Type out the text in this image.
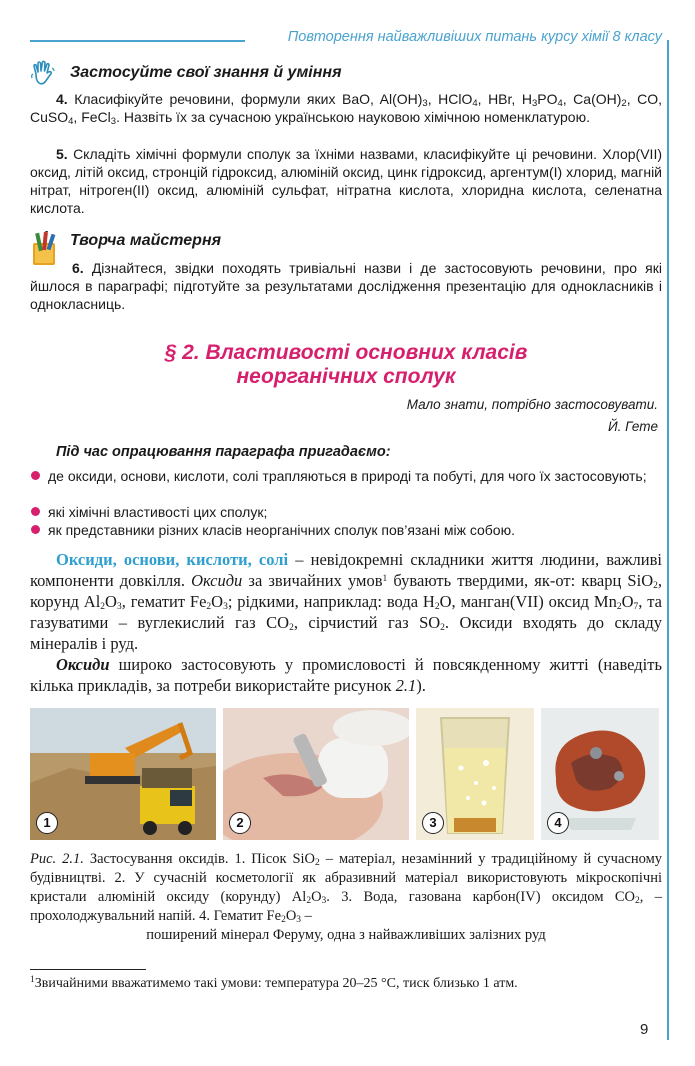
Повторення найважливіших питань курсу хімії 8 класу
Застосуйте свої знання й уміння
4. Класифікуйте речовини, формули яких BaO, $Al(OH)_3$, HClO$_4$, HBr, $H_3PO_4$, $Ca(OH)_2$, CO, CuSO$_4$, FeCl$_3$. Назвіть їх за сучасною українською науковою хімічною номенклатурою.
5. Складіть хімічні формули сполук за їхніми назвами, класифікуйте ці речовини. Хлор(VII) оксид, літій оксид, стронцій гідроксид, алюміній оксид, цинк гідроксид, аргентум(I) хлорид, магній нітрат, нітроген(II) оксид, алюміній сульфат, нітратна кислота, хлоридна кислота, селенатна кислота.
Творча майстерня
6. Дізнайтеся, звідки походять тривіальні назви і де застосовують речовини, про які йшлося в параграфі; підготуйте за результатами дослідження презентацію для однокласників і однокласниць.
§ 2. Властивості основних класів
неорганічних сполук
Мало знати, потрібно застосовувати.
Й. Гете
Під час опрацювання параграфа пригадаємо:
де оксиди, основи, кислоти, солі трапляються в природі та побуті, для чого їх застосовують;
які хімічні властивості цих сполук;
як представники різних класів неорганічних сполук пов’язані між собою.
Оксиди, основи, кислоти, солі – невідокремні складники життя людини, важливі компоненти довкілля. Оксиди за звичайних умов$^1$ бувають твердими, як-от: кварц SiO$_2$, корунд $Al_2O_3$, гематит $Fe_2O_3$; рідкими, наприклад: вода $H_2O$, манган(VII) оксид $Mn_2O_7$, та газуватими – вуглекислий газ $CO_2$, сірчистий газ $SO_2$. Оксиди входять до складу мінералів і руд.
Оксиди широко застосовують у промисловості й повсякденному житті (наведіть кілька прикладів, за потреби використайте рисунок 2.1).
1	2	3	4
Рис. 2.1. Застосування оксидів. 1. Пісок SiO$_2$ – матеріал, незамінний у традиційному й сучасному будівництві. 2. У сучасній косметології як абразивний матеріал використовують мікроскопічні кристали алюміній оксиду (корунду) $Al_2O_3$. 3. Вода, газована карбон(IV) оксидом $CO_2$, – прохолоджувальний напій. 4. Гематит $Fe_2O_3$ –
поширений мінерал Феруму, одна з найважливіших залізних руд
$^1$Звичайними вважатимемо такі умови: температура 20–25 °С, тиск близько 1 атм.
9
